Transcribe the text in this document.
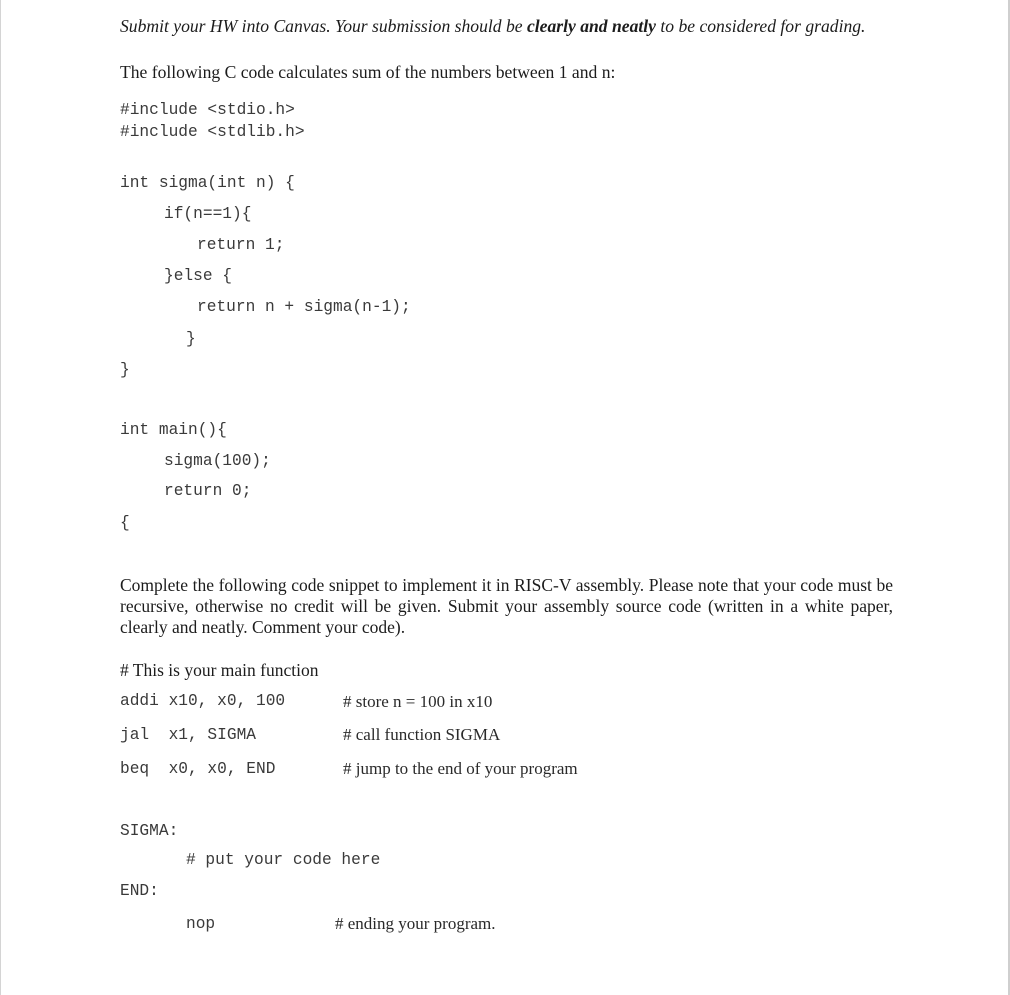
Submit your HW into Canvas. Your submission should be clearly and neatly to be considered for grading.
The following C code calculates sum of the numbers between 1 and n:
#include <stdio.h>
#include <stdlib.h>
int sigma(int n) {
if(n==1){
return 1;
}else {
return n + sigma(n-1);
}
}
int main(){
sigma(100);
return 0;
{
Complete the following code snippet to implement it in RISC-V assembly. Please note that your code must be recursive, otherwise no credit will be given. Submit your assembly source code (written in a white paper, clearly and neatly. Comment your code).
# This is your main function
addi x10, x0, 100	# store n = 100 in x10
jal  x1, SIGMA	# call function SIGMA
beq  x0, x0, END	# jump to the end of your program
SIGMA:
# put your code here
END:
nop	# ending your program.
